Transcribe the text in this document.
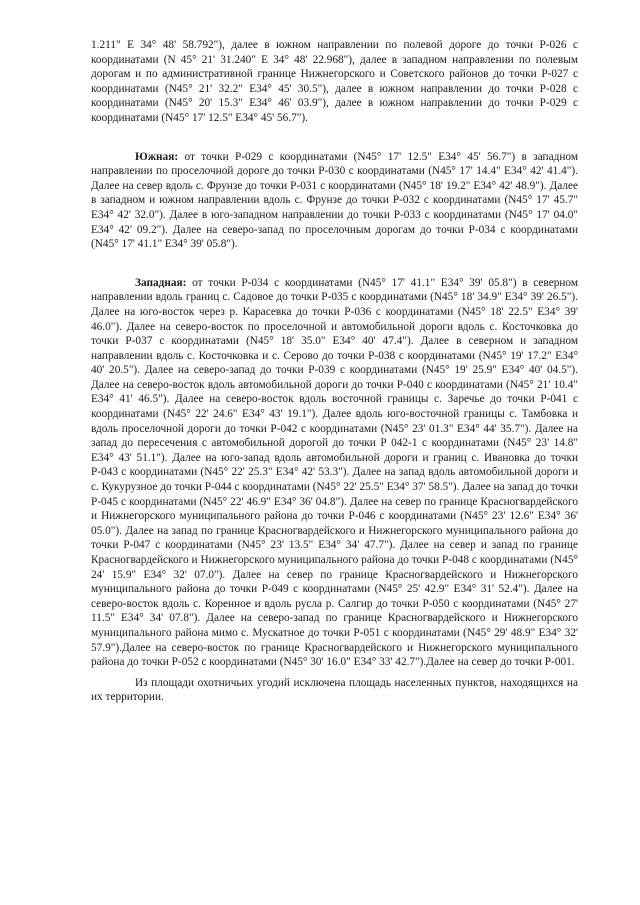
1.211" E 34° 48' 58.792"), далее в южном направлении по полевой дороге до точки Р-026 с координатами (N 45° 21' 31.240" E 34° 48' 22.968"), далее в западном направлении по полевым дорогам и по административной границе Нижнегорского и Советского районов до точки Р-027 с координатами (N45° 21' 32.2" E34° 45' 30.5"), далее в южном направлении до точки Р-028 с координатами (N45° 20' 15.3" E34° 46' 03.9"), далее в южном направлении до точки Р-029 с координатами (N45° 17' 12.5" E34° 45' 56.7").

Южная: от точки Р-029 с координатами (N45° 17' 12.5" E34° 45' 56.7") в западном направлении по проселочной дороге до точки Р-030 с координатами (N45° 17' 14.4" E34° 42' 41.4"). Далее на север вдоль с. Фрунзе до точки Р-031 с координатами (N45° 18' 19.2" E34° 42' 48.9"). Далее в западном и южном направлении вдоль с. Фрунзе до точки Р-032 с координатами (N45° 17' 45.7" E34° 42' 32.0"). Далее в юго-западном направлении до точки Р-033 с координатами (N45° 17' 04.0" E34° 42' 09.2"). Далее на северо-запад по проселочным дорогам до точки Р-034 с координатами (N45° 17' 41.1" E34° 39' 05.8").

Западная: от точки Р-034 с координатами (N45° 17' 41.1" E34° 39' 05.8") в северном направлении вдоль границ с. Садовое до точки Р-035 с координатами (N45° 18' 34.9" E34° 39' 26.5"). Далее на юго-восток через р. Карасевка до точки Р-036 с координатами (N45° 18' 22.5" E34° 39' 46.0"). Далее на северо-восток по проселочной и автомобильной дороги вдоль с. Косточковка до точки Р-037 с координатами (N45° 18' 35.0" E34° 40' 47.4"). Далее в северном и западном направлении вдоль с. Косточковка и с. Серово до точки Р-038 с координатами (N45° 19' 17.2" E34° 40' 20.5"). Далее на северо-запад до точки Р-039 с координатами (N45° 19' 25.9" E34° 40' 04.5"). Далее на северо-восток вдоль автомобильной дороги до точки Р-040 с координатами (N45° 21' 10.4" E34° 41' 46.5"). Далее на северо-восток вдоль восточной границы с. Заречье до точки Р-041 с координатами (N45° 22' 24.6" E34° 43' 19.1"). Далее вдоль юго-восточной границы с. Тамбовка и вдоль проселочной дороги до точки Р-042 с координатами (N45° 23' 01.3" E34° 44' 35.7"). Далее на запад до пересечения с автомобильной дорогой до точки Р 042-1 с координатами (N45° 23' 14.8" E34° 43' 51.1"). Далее на юго-запад вдоль автомобильной дороги и границ с. Ивановка до точки Р-043 с координатами (N45° 22' 25.3" E34° 42' 53.3"). Далее на запад вдоль автомобильной дороги и с. Кукурузное до точки Р-044 с координатами (N45° 22' 25.5" E34° 37' 58.5"). Далее на запад до точки Р-045 с координатами (N45° 22' 46.9" E34° 36' 04.8"). Далее на север по границе Красногвардейского и Нижнегорского муниципального района до точки Р-046 с координатами (N45° 23' 12.6" E34° 36' 05.0"). Далее на запад по границе Красногвардейского и Нижнегорского муниципального района до точки Р-047 с координатами (N45° 23' 13.5" E34° 34' 47.7"). Далее на север и запад по границе Красногвардейского и Нижнегорского муниципального района до точки Р-048 с координатами (N45° 24' 15.9" E34° 32' 07.0"). Далее на север по границе Красногвардейского и Нижнегорского муниципального района до точки Р-049 с координатами (N45° 25' 42.9" E34° 31' 52.4"). Далее на северо-восток вдоль с. Коренное и вдоль русла р. Салгир до точки Р-050 с координатами (N45° 27' 11.5" E34° 34' 07.8"). Далее на северо-запад по границе Красногвардейского и Нижнегорского муниципального района мимо с. Мускатное до точки Р-051 с координатами (N45° 29' 48.9" E34° 32' 57.9").Далее на северо-восток по границе Красногвардейского и Нижнегорского муниципального района до точки Р-052 с координатами (N45° 30' 16.0" E34° 33' 42.7").Далее на север до точки Р-001.

Из площади охотничьих угодий исключена площадь населенных пунктов, находящихся на их территории.
